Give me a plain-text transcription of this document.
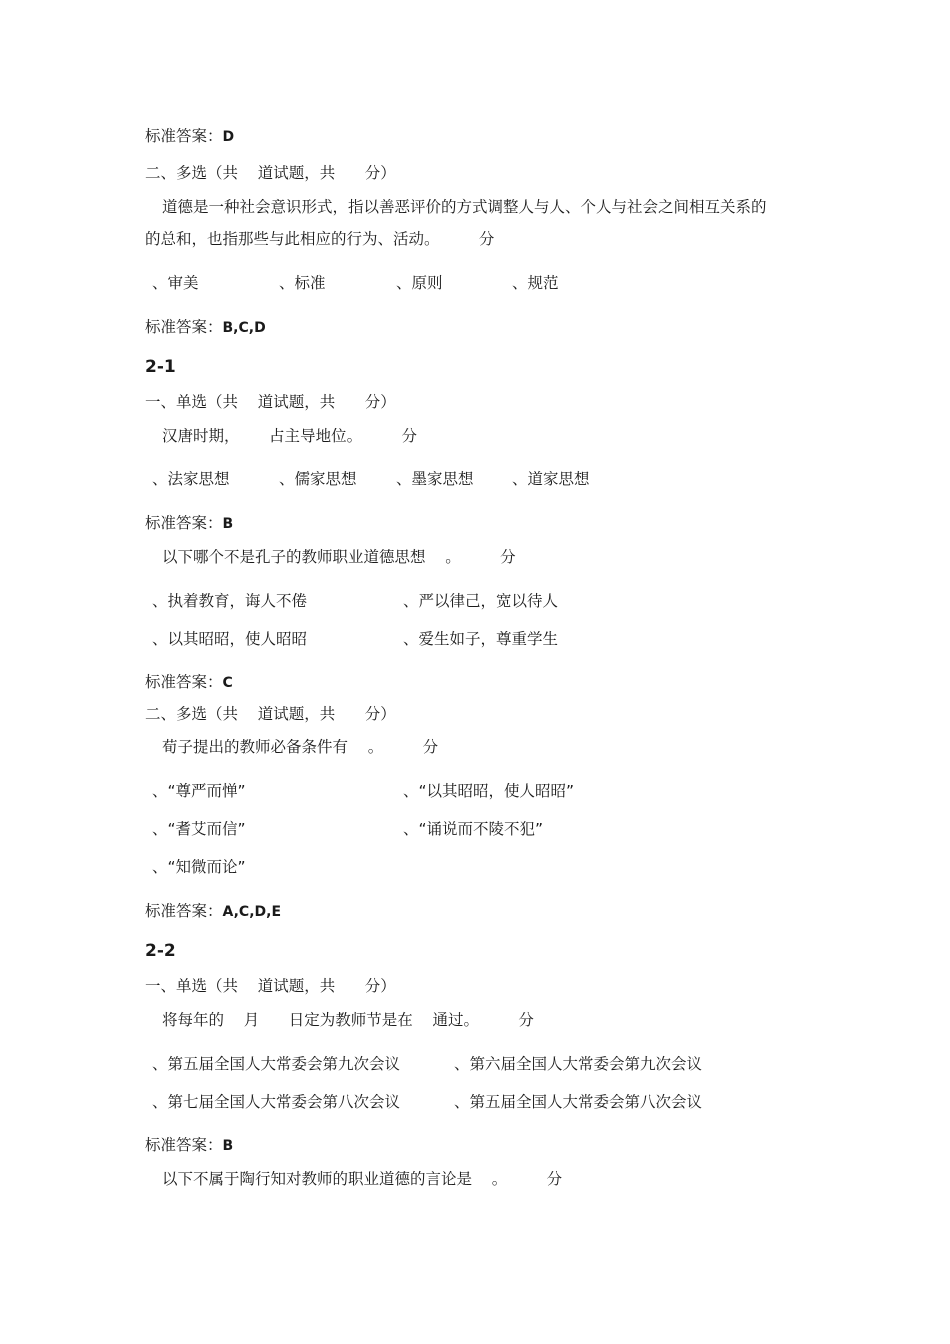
标准答案：D
二、多选（共    道试题，共      分）
道德是一种社会意识形式，指以善恶评价的方式调整人与人、个人与社会之间相互关系的
的总和，也指那些与此相应的行为、活动。        分
、审美	、标准	、原则	、规范
标准答案：B,C,D
2-1
一、单选（共    道试题，共      分）
汉唐时期，      占主导地位。        分
、法家思想	、儒家思想	、墨家思想 、道家思想
标准答案：B
以下哪个不是孔子的教师职业道德思想    。        分
、执着教育，诲人不倦	、严以律己，宽以待人
、以其昭昭，使人昭昭	、爱生如子，尊重学生
标准答案：C
二、多选（共    道试题，共      分）
荀子提出的教师必备条件有    。        分
、“尊严而惮”	、“以其昭昭，使人昭昭”
、“耆艾而信”	、“诵说而不陵不犯”
、“知微而论”
标准答案：A,C,D,E
2-2
一、单选（共    道试题，共      分）
将每年的    月      日定为教师节是在    通过。        分
、第五届全国人大常委会第九次会议	、第六届全国人大常委会第九次会议
、第七届全国人大常委会第八次会议	、第五届全国人大常委会第八次会议
标准答案：B
以下不属于陶行知对教师的职业道德的言论是    。        分
